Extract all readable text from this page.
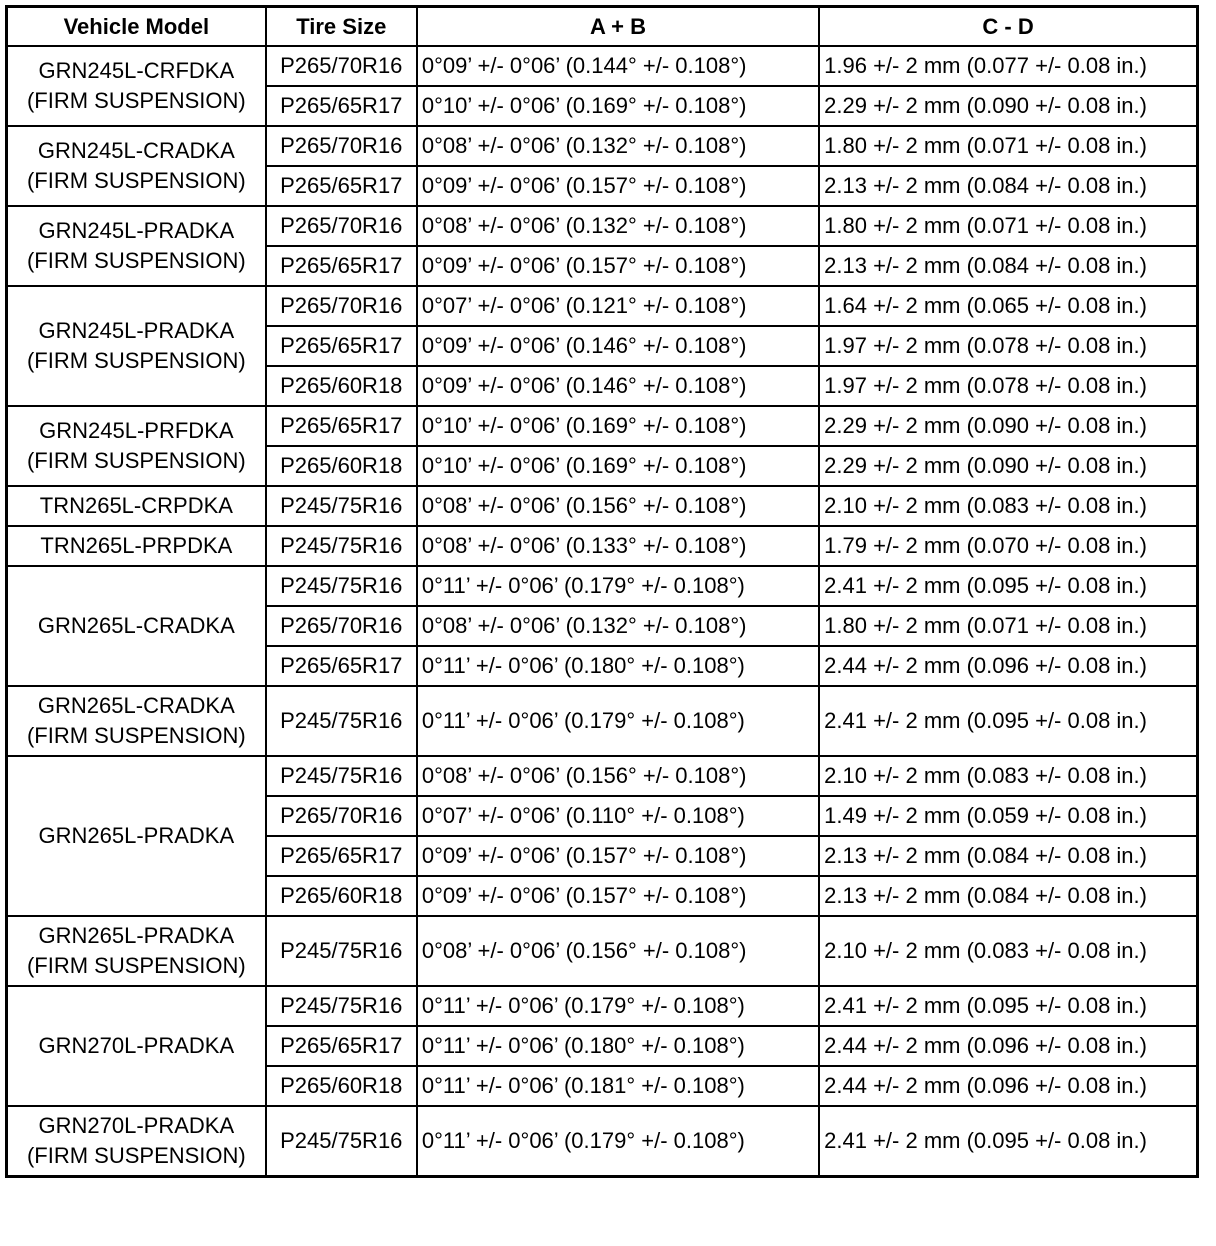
Vehicle Model	Tire Size	A + B	C - D

GRN245L-CRFDKA
(FIRM SUSPENSION)	P265/70R16	0°09’ +/- 0°06’ (0.144° +/- 0.108°)	1.96 +/- 2 mm (0.077 +/- 0.08 in.)
	P265/65R17	0°10’ +/- 0°06’ (0.169° +/- 0.108°)	2.29 +/- 2 mm (0.090 +/- 0.08 in.)

GRN245L-CRADKA
(FIRM SUSPENSION)	P265/70R16	0°08’ +/- 0°06’ (0.132° +/- 0.108°)	1.80 +/- 2 mm (0.071 +/- 0.08 in.)
	P265/65R17	0°09’ +/- 0°06’ (0.157° +/- 0.108°)	2.13 +/- 2 mm (0.084 +/- 0.08 in.)

GRN245L-PRADKA
(FIRM SUSPENSION)	P265/70R16	0°08’ +/- 0°06’ (0.132° +/- 0.108°)	1.80 +/- 2 mm (0.071 +/- 0.08 in.)
	P265/65R17	0°09’ +/- 0°06’ (0.157° +/- 0.108°)	2.13 +/- 2 mm (0.084 +/- 0.08 in.)

GRN245L-PRADKA
(FIRM SUSPENSION)	P265/70R16	0°07’ +/- 0°06’ (0.121° +/- 0.108°)	1.64 +/- 2 mm (0.065 +/- 0.08 in.)
	P265/65R17	0°09’ +/- 0°06’ (0.146° +/- 0.108°)	1.97 +/- 2 mm (0.078 +/- 0.08 in.)
	P265/60R18	0°09’ +/- 0°06’ (0.146° +/- 0.108°)	1.97 +/- 2 mm (0.078 +/- 0.08 in.)

GRN245L-PRFDKA
(FIRM SUSPENSION)	P265/65R17	0°10’ +/- 0°06’ (0.169° +/- 0.108°)	2.29 +/- 2 mm (0.090 +/- 0.08 in.)
	P265/60R18	0°10’ +/- 0°06’ (0.169° +/- 0.108°)	2.29 +/- 2 mm (0.090 +/- 0.08 in.)

TRN265L-CRPDKA	P245/75R16	0°08’ +/- 0°06’ (0.156° +/- 0.108°)	2.10 +/- 2 mm (0.083 +/- 0.08 in.)

TRN265L-PRPDKA	P245/75R16	0°08’ +/- 0°06’ (0.133° +/- 0.108°)	1.79 +/- 2 mm (0.070 +/- 0.08 in.)

GRN265L-CRADKA	P245/75R16	0°11’ +/- 0°06’ (0.179° +/- 0.108°)	2.41 +/- 2 mm (0.095 +/- 0.08 in.)
	P265/70R16	0°08’ +/- 0°06’ (0.132° +/- 0.108°)	1.80 +/- 2 mm (0.071 +/- 0.08 in.)
	P265/65R17	0°11’ +/- 0°06’ (0.180° +/- 0.108°)	2.44 +/- 2 mm (0.096 +/- 0.08 in.)

GRN265L-CRADKA
(FIRM SUSPENSION)	P245/75R16	0°11’ +/- 0°06’ (0.179° +/- 0.108°)	2.41 +/- 2 mm (0.095 +/- 0.08 in.)

GRN265L-PRADKA	P245/75R16	0°08’ +/- 0°06’ (0.156° +/- 0.108°)	2.10 +/- 2 mm (0.083 +/- 0.08 in.)
	P265/70R16	0°07’ +/- 0°06’ (0.110° +/- 0.108°)	1.49 +/- 2 mm (0.059 +/- 0.08 in.)
	P265/65R17	0°09’ +/- 0°06’ (0.157° +/- 0.108°)	2.13 +/- 2 mm (0.084 +/- 0.08 in.)
	P265/60R18	0°09’ +/- 0°06’ (0.157° +/- 0.108°)	2.13 +/- 2 mm (0.084 +/- 0.08 in.)

GRN265L-PRADKA
(FIRM SUSPENSION)	P245/75R16	0°08’ +/- 0°06’ (0.156° +/- 0.108°)	2.10 +/- 2 mm (0.083 +/- 0.08 in.)

GRN270L-PRADKA	P245/75R16	0°11’ +/- 0°06’ (0.179° +/- 0.108°)	2.41 +/- 2 mm (0.095 +/- 0.08 in.)
	P265/65R17	0°11’ +/- 0°06’ (0.180° +/- 0.108°)	2.44 +/- 2 mm (0.096 +/- 0.08 in.)
	P265/60R18	0°11’ +/- 0°06’ (0.181° +/- 0.108°)	2.44 +/- 2 mm (0.096 +/- 0.08 in.)

GRN270L-PRADKA
(FIRM SUSPENSION)	P245/75R16	0°11’ +/- 0°06’ (0.179° +/- 0.108°)	2.41 +/- 2 mm (0.095 +/- 0.08 in.)
